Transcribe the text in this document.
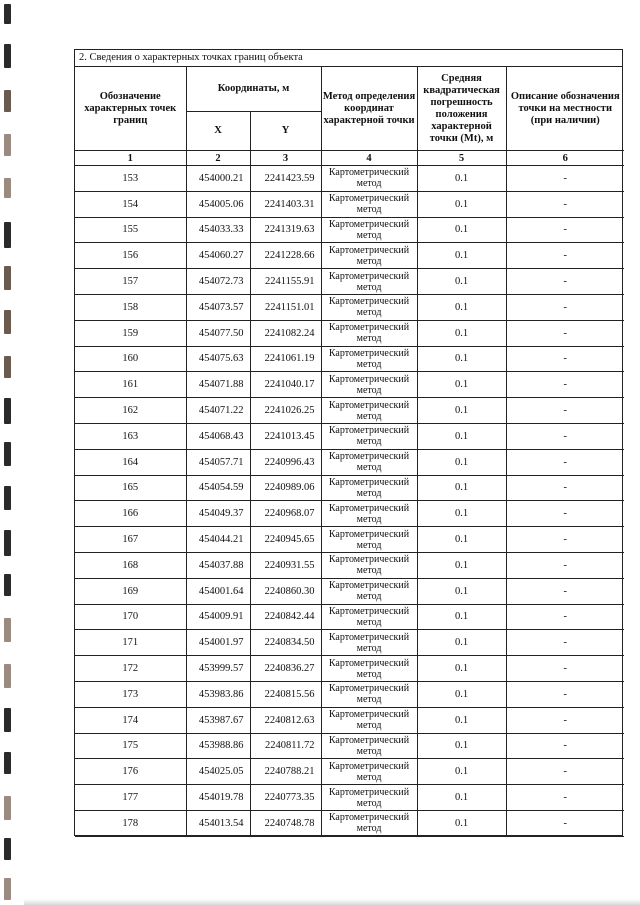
2. Сведения о характерных точках границ объекта
Обозначение характерных точек границ	Координаты, м		Метод определения координат характерной точки	Средняя квадратическая погрешность положения характерной точки (Mt), м	Описание обозначения точки на местности (при наличии)
	X	Y			
1	2	3	4	5	6
153	454000.21	2241423.59	Картометрический метод	0.1	-
154	454005.06	2241403.31	Картометрический метод	0.1	-
155	454033.33	2241319.63	Картометрический метод	0.1	-
156	454060.27	2241228.66	Картометрический метод	0.1	-
157	454072.73	2241155.91	Картометрический метод	0.1	-
158	454073.57	2241151.01	Картометрический метод	0.1	-
159	454077.50	2241082.24	Картометрический метод	0.1	-
160	454075.63	2241061.19	Картометрический метод	0.1	-
161	454071.88	2241040.17	Картометрический метод	0.1	-
162	454071.22	2241026.25	Картометрический метод	0.1	-
163	454068.43	2241013.45	Картометрический метод	0.1	-
164	454057.71	2240996.43	Картометрический метод	0.1	-
165	454054.59	2240989.06	Картометрический метод	0.1	-
166	454049.37	2240968.07	Картометрический метод	0.1	-
167	454044.21	2240945.65	Картометрический метод	0.1	-
168	454037.88	2240931.55	Картометрический метод	0.1	-
169	454001.64	2240860.30	Картометрический метод	0.1	-
170	454009.91	2240842.44	Картометрический метод	0.1	-
171	454001.97	2240834.50	Картометрический метод	0.1	-
172	453999.57	2240836.27	Картометрический метод	0.1	-
173	453983.86	2240815.56	Картометрический метод	0.1	-
174	453987.67	2240812.63	Картометрический метод	0.1	-
175	453988.86	2240811.72	Картометрический метод	0.1	-
176	454025.05	2240788.21	Картометрический метод	0.1	-
177	454019.78	2240773.35	Картометрический метод	0.1	-
178	454013.54	2240748.78	Картометрический метод	0.1	-
